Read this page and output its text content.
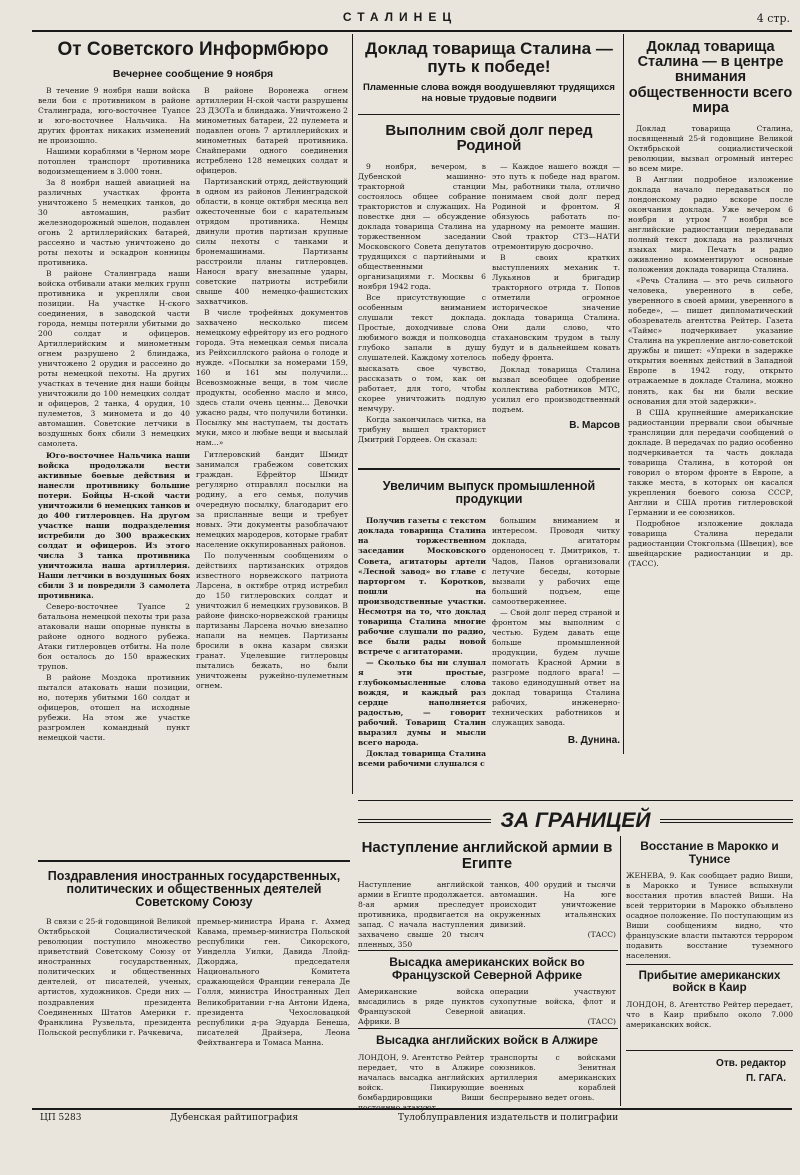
СТАЛИНЕЦ	4 стр.
От Советского Информбюро
Вечернее сообщение 9 ноября

В течение 9 ноября наши войска вели бои с противником в районе Сталинграда, юго-восточнее Туапсе и юго-восточнее Нальчика. На других фронтах никаких изменений не произошло.

Нашими кораблями в Черном море потоплен транспорт противника водоизмещением в 3.000 тонн.

За 8 ноября нашей авиацией на различных участках фронта уничтожено 5 немецких танков, до 30 автомашин, разбит железнодорожный эшелон, подавлен огонь 2 артиллерийских батарей, рассеяно и частью уничтожено до роты пехоты и эскадрон конницы противника.

В районе Сталинграда наши войска отбивали атаки мелких групп противника и укрепляли свои позиции. На участке Н-ского соединения, в заводской части города, немцы потеряли убитыми до 200 солдат и офицеров. Артиллерийским и минометным огнем разрушено 2 блиндажа, уничтожено 2 орудия и рассеяно до роты немецкой пехоты. На других участках в течение дня наши бойцы уничтожили до 100 немецких солдат и офицеров, 2 танка, 4 орудия, 10 пулеметов, 3 миномета и до 40 автомашин. Советские летчики в воздушных боях сбили 3 немецких самолета.

Юго-восточнее Нальчика наши войска продолжали вести активные боевые действия и нанесли противнику большие потери. Бойцы Н-ской части уничтожили 6 немецких танков и до 400 гитлеровцев. На другом участке наши подразделения истребили до 300 вражеских солдат и офицеров. Из этого числа 3 танка противника уничтожила наша артиллерия. Наши летчики в воздушных боях сбили 3 и повредили 3 самолета противника.

Северо-восточнее Туапсе 2 батальона немецкой пехоты три раза атаковали наши опорные пункты в районе одного водного рубежа. Атаки гитлеровцев отбиты. На поле боя осталось до 150 вражеских трупов.

В районе Моздока противник пытался атаковать наши позиции, но, потеряв убитыми 160 солдат и офицеров, отошел на исходные рубежи. На этом же участке разгромлен командный пункт немецкой части.

В районе Воронежа огнем артиллерии Н-ской части разрушены 23 ДЗОТа и блиндажа. Уничтожено 2 минометных батареи, 22 пулемета и подавлен огонь 7 артиллерийских и минометных батарей противника. Снайперами одного соединения истреблено 128 немецких солдат и офицеров.

Партизанский отряд, действующий в одном из районов Ленинградской области, в конце октября месяца вел ожесточенные бои с карательным отрядом противника. Немцы двинули против партизан крупные силы пехоты с танками и бронемашинами. Партизаны расстроили планы гитлеровцев. Нанося врагу внезапные удары, советские патриоты истребили свыше 400 немецко-фашистских захватчиков.

В числе трофейных документов захвачено несколько писем немецкому ефрейтору из его родного города. Эта немецкая семья писала из Рейхсиллского района о голоде и нужде. «Посылки за номерами 159, 160 и 161 мы получили... Всевозможные вещи, в том числе продукты, особенно масло и мясо, здесь стали очень ценны... Девочки ужасно рады, что получили ботинки. Посылку мы наступаем, ты достать муки, мясо и любые вещи и высылай нам...»

Гитлеровский бандит Шмидт занимался грабежом советских граждан. Ефрейтор Шмидт регулярно отправлял посылки на родину, а его семья, получив очередную посылку, благодарит его за присланные вещи и требует новых. Эти документы разоблачают немецких мародеров, которые грабят население оккупированных районов.

По полученным сообщениям о действиях партизанских отрядов известного норвежского патриота Ларсена, в октябре отряд истребил до 150 гитлеровских солдат и уничтожил 6 немецких грузовиков. В районе финско-норвежской границы партизаны Ларсена ночью внезапно напали на немцев. Партизаны бросили в окна казарм связки гранат. Уцелевшие гитлеровцы пытались бежать, но были уничтожены ружейно-пулеметным огнем.

Поздравления иностранных государственных, политических и общественных деятелей Советскому Союзу
В связи с 25-й годовщиной Великой Октябрьской Социалистической революции поступило множество приветствий Советскому Союзу от иностранных государственных, политических и общественных деятелей, от писателей, ученых, артистов, художников. Среди них — поздравления президента Соединенных Штатов Америки г. Франклина Рузвельта, президента Польской республики г. Рачкевича,
премьер-министра Ирана г. Ахмед Кавама, премьер-министра Польской республики ген. Сикорского, Уинделла Уилки, Давида Ллойд-Джорджа, председателя Национального Комитета сражающейся Франции генерала Де Голля, министра Иностранных Дел Великобритании г-на Антони Идена, президента Чехословацкой республики д-ра Эдуарда Бенеша, писателей Драйзера, Леона Фейхтвангера и Томаса Манна.
Доклад товарища Сталина — путь к победе!
Пламенные слова вождя воодушевляют трудящихся на новые трудовые подвиги
Выполним свой долг перед Родиной

9 ноября, вечером, в Дубенской машинно-тракторной станции состоялось общее собрание трактористов и служащих. На повестке дня — обсуждение доклада товарища Сталина на торжественном заседании Московского Совета депутатов трудящихся с партийными и общественными организациями г. Москвы 6 ноября 1942 года.

Все присутствующие с особенным вниманием слушали текст доклада. Простые, доходчивые слова любимого вождя и полководца глубоко запали в душу слушателей. Каждому хотелось высказать свое чувство, рассказать о том, как он работает, для того, чтобы скорее уничтожить подлую немчуру.

Когда закончилась читка, на трибуну вышел тракторист Дмитрий Гордеев. Он сказал:

— Каждое нашего вождя — это путь к победе над врагом. Мы, работники тыла, отлично понимаем свой долг перед Родиной и фронтом. Я обязуюсь работать по-ударному на ремонте машин. Свой трактор СТЗ—НАТИ отремонтирую досрочно.

В своих кратких выступлениях механик т. Лукьянов и бригадир тракторного отряда т. Попов отметили огромное историческое значение доклада товарища Сталина. Они дали слово, что стахановским трудом в тылу будут и в дальнейшем ковать победу фронта.

Доклад товарища Сталина вызвал всеобщее одобрение коллектива работников МТС, усилил его производственный подъем.

В. Марсов
Увеличим выпуск промышленной продукции

Получив газеты с текстом доклада товарища Сталина на торжественном заседании Московского Совета, агитаторы артели «Лесной завод» во главе с парторгом т. Коротков, пошли на производственные участки. Несмотря на то, что доклад товарища Сталина многие рабочие слушали по радио, все были рады новой встрече с агитаторами.

— Сколько бы ни слушал я эти простые, глубокомысленные слова вождя, и каждый раз сердце наполняется радостью, — говорит рабочий. Товарищ Сталин выразил думы и мысли всего народа.

Доклад товарища Сталина всеми рабочими слушался с

большим вниманием и интересом. Проводя читку доклада, агитаторы орденоносец т. Дмитриков, т. Чадов, Панов организовали летучие беседы, которые вызвали у рабочих еще больший подъем, еще самоотверженнее.

— Свой долг перед страной и фронтом мы выполним с честью. Будем давать еще больше промышленной продукции, будем лучше помогать Красной Армии в разгроме подлого врага! — таково единодушный ответ на доклад товарища Сталина рабочих, инженерно-технических работников и служащих завода.

В. Дунина.
Доклад товарища Сталина — в центре внимания общественности всего мира

Доклад товарища Сталина, посвященный 25-й годовщине Великой Октябрьской социалистической революции, вызвал огромный интерес во всем мире.

В Англии подробное изложение доклада начало передаваться по лондонскому радио вскоре после окончания доклада. Уже вечером 6 ноября и утром 7 ноября все английские радиостанции передавали полный текст доклада на различных языках мира. Печать и радио оживленно комментируют основные положения доклада товарища Сталина.

«Речь Сталина — это речь сильного человека, уверенного в себе, уверенного в своей армии, уверенного в победе», — пишет дипломатический обозреватель агентства Рейтер. Газета «Таймс» подчеркивает указание Сталина на укрепление англо-советской дружбы и пишет: «Упреки в задержке открытия военных действий в Западной Европе в 1942 году, открыто отражаемые в докладе Сталина, можно понять, как бы ни были веские основания для этой задержки».

В США крупнейшие американские радиостанции прервали свои обычные трансляции для передачи сообщений о докладе. В передачах по радио особенно подчеркивается та часть доклада товарища Сталина, в которой он говорил о втором фронте в Европе, а также места, в которых он касался укрепления боевого союза СССР, Англии и США против гитлеровской Германии и ее союзников.

Подробное изложение доклада товарища Сталина передали радиостанции Стокгольма (Швеция), все швейцарские радиостанции и др. (ТАСС).

ЗА ГРАНИЦЕЙ
Наступление английской армии в Египте
Наступление английской армии в Египте продолжается. 8-ая армия преследует противника, продвигается на запад. С начала наступления захвачено свыше 20 тысяч пленных, 350
танков, 400 орудий и тысячи автомашин. На юге происходит уничтожение окруженных итальянских дивизий.
(ТАСС)
Высадка американских войск во Французской Северной Африке
Американские войска высадились в ряде пунктов Французской Северной Африки. В
операции участвуют сухопутные войска, флот и авиация.
(ТАСС)
Высадка английских войск в Алжире
ЛОНДОН, 9. Агентство Рейтер передает, что в Алжире началась высадка английских войск. Пикирующие бомбардировщики Виши
транспорты с войсками союзников. Зенитная артиллерия американских военных кораблей беспрерывно ведет огонь.
Восстание в Марокко и Тунисе
ЖЕНЕВА, 9. Как сообщает радио Виши, в Марокко и Тунисе вспыхнули восстания против властей Виши. На всей территории в Марокко объявлено осадное положение. По поступающим из Виши сообщениям видно, что французские власти пытаются террором подавить восстание туземного населения.
Прибытие американских войск в Каир
ЛОНДОН, 8. Агентство Рейтер передает, что в Каир прибыло около 7.000 американских войск.
Отв. редактор
П. ГАГА.
ЦП 5283	Дубенская райтипография	Тулоблуправления издательств и полиграфии
